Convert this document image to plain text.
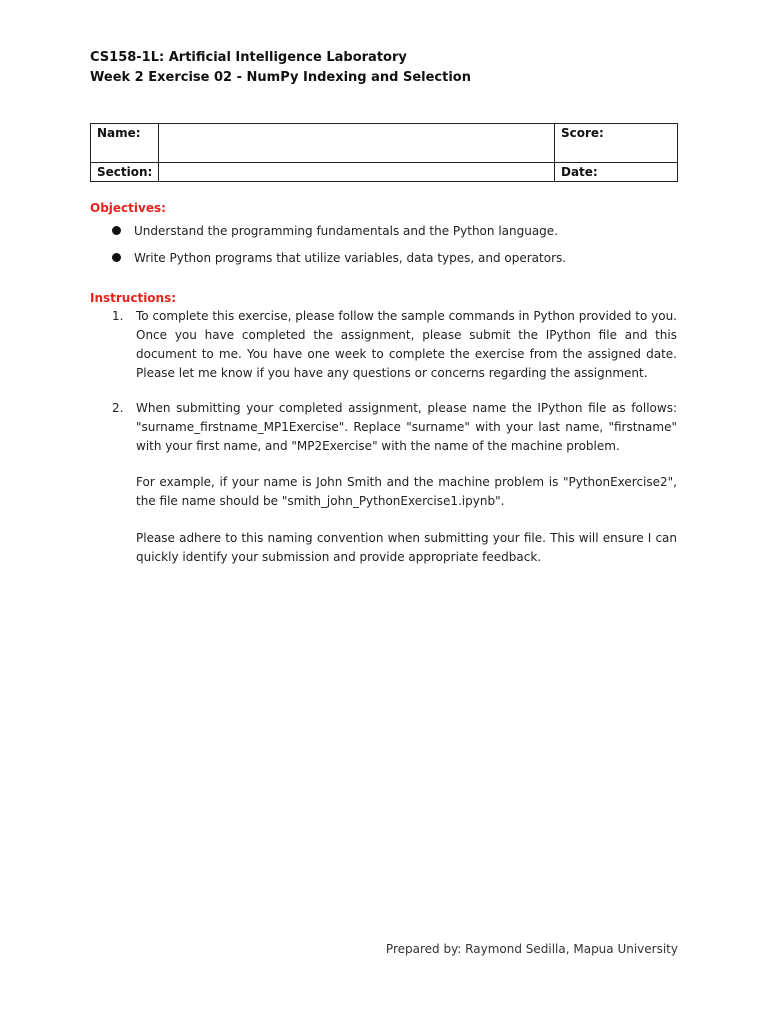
CS158-1L: Artificial Intelligence Laboratory
Week 2 Exercise 02 - NumPy Indexing and Selection
Name:		Score:
Section:		Date:
Objectives:
Understand the programming fundamentals and the Python language.
Write Python programs that utilize variables, data types, and operators.
Instructions:
1. To complete this exercise, please follow the sample commands in Python provided to you. Once you have completed the assignment, please submit the IPython file and this document to me. You have one week to complete the exercise from the assigned date. Please let me know if you have any questions or concerns regarding the assignment.
2. When submitting your completed assignment, please name the IPython file as follows: "surname_firstname_MP1Exercise". Replace "surname" with your last name, "firstname" with your first name, and "MP2Exercise" with the name of the machine problem.
For example, if your name is John Smith and the machine problem is "PythonExercise2", the file name should be "smith_john_PythonExercise1.ipynb".
Please adhere to this naming convention when submitting your file. This will ensure I can quickly identify your submission and provide appropriate feedback.
Prepared by: Raymond Sedilla, Mapua University
